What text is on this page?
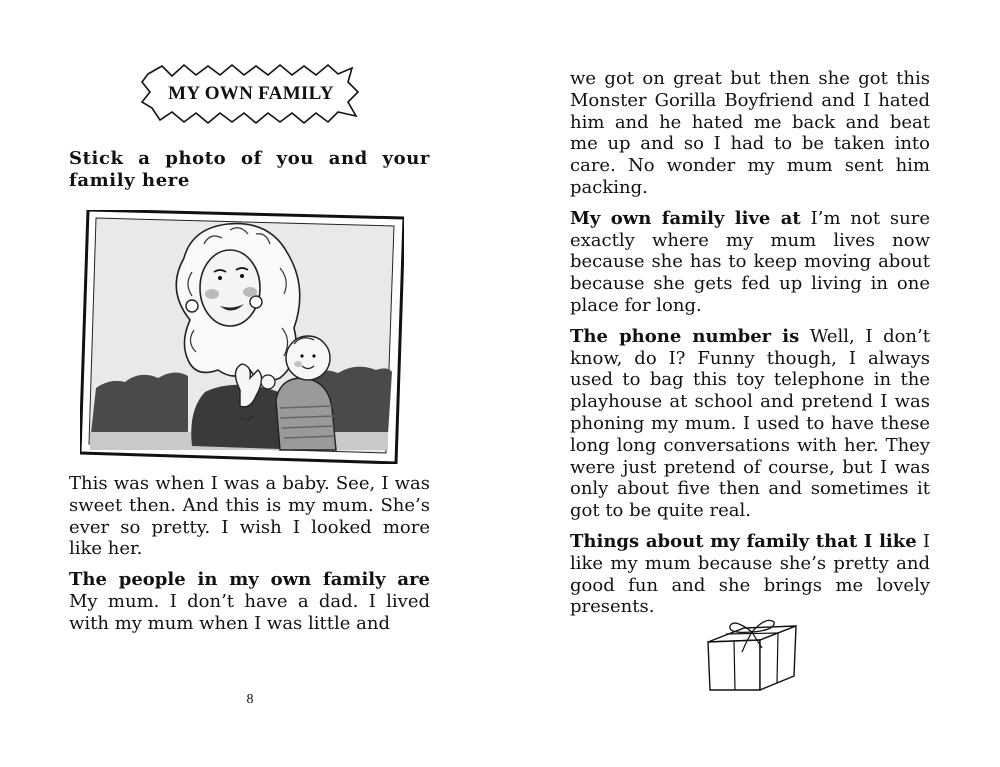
MY OWN FAMILY
Stick a photo of you and your family here

This was when I was a baby. See, I was sweet then. And this is my mum. She’s ever so pretty. I wish I looked more like her.

The people in my own family are My mum. I don’t have a dad. I lived with my mum when I was little and

8

we got on great but then she got this Monster Gorilla Boyfriend and I hated him and he hated me back and beat me up and so I had to be taken into care. No wonder my mum sent him packing.

My own family live at I’m not sure exactly where my mum lives now because she has to keep moving about because she gets fed up living in one place for long.

The phone number is Well, I don’t know, do I? Funny though, I always used to bag this toy telephone in the playhouse at school and pretend I was phoning my mum. I used to have these long long conversations with her. They were just pretend of course, but I was only about five then and sometimes it got to be quite real.

Things about my family that I like I like my mum because she’s pretty and good fun and she brings me lovely presents.
